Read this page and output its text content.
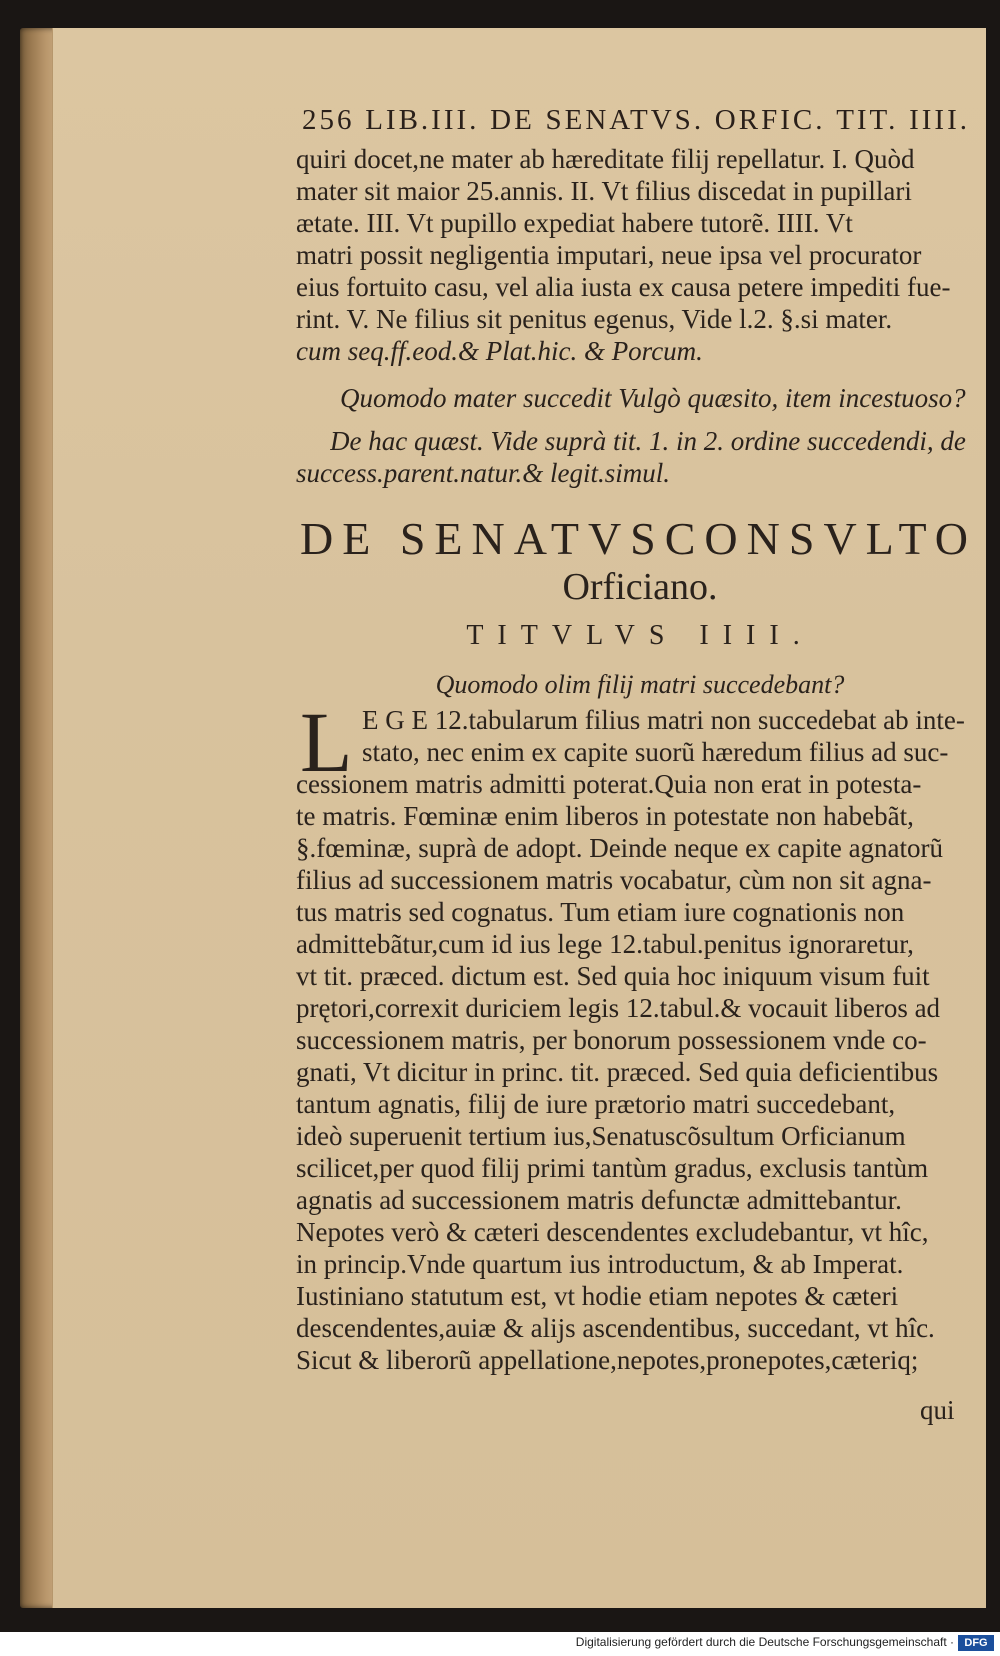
256 LIB.III. DE SENATVS. ORFIC. TIT. IIII.
quiri docet,ne mater ab hæreditate filij repellatur. I. Quòd
mater sit maior 25.annis. II. Vt filius discedat in pupillari
ætate. III. Vt pupillo expediat habere tutorẽ. IIII. Vt
matri possit negligentia imputari, neue ipsa vel procurator
eius fortuito casu, vel alia iusta ex causa petere impediti fue-
rint. V. Ne filius sit penitus egenus, Vide l.2. §.si mater.
cum seq.ff.eod.& Plat.hic. & Porcum.
Quomodo mater succedit Vulgò quæsito, item incestuoso?
De hac quæst. Vide suprà tit. 1. in 2. ordine succedendi, de
success.parent.natur.& legit.simul.
DE SENATVSCONSVLTO
Orficiano.
TITVLVS IIII.
Quomodo olim filij matri succedebant?
L E G E 12.tabularum filius matri non succedebat ab inte-
stato, nec enim ex capite suorũ hæredum filius ad suc-
cessionem matris admitti poterat.Quia non erat in potesta-
te matris. Fœminæ enim liberos in potestate non habebãt,
§.fœminæ, suprà de adopt. Deinde neque ex capite agnatorũ
filius ad successionem matris vocabatur, cùm non sit agna-
tus matris sed cognatus. Tum etiam iure cognationis non
admittebãtur,cum id ius lege 12.tabul.penitus ignoraretur,
vt tit. præced. dictum est. Sed quia hoc iniquum visum fuit
prętori,correxit duriciem legis 12.tabul.& vocauit liberos ad
successionem matris, per bonorum possessionem vnde co-
gnati, Vt dicitur in princ. tit. præced. Sed quia deficientibus
tantum agnatis, filij de iure prætorio matri succedebant,
ideò superuenit tertium ius,Senatuscõsultum Orficianum
scilicet,per quod filij primi tantùm gradus, exclusis tantùm
agnatis ad successionem matris defunctæ admittebantur.
Nepotes verò & cæteri descendentes excludebantur, vt hîc,
in princip.Vnde quartum ius introductum, & ab Imperat.
Iustiniano statutum est, vt hodie etiam nepotes & cæteri
descendentes,auiæ & alijs ascendentibus, succedant, vt hîc.
Sicut & liberorũ appellatione,nepotes,pronepotes,cæteriq;
qui
Digitalisierung gefördert durch die Deutsche Forschungsgemeinschaft · DFG
